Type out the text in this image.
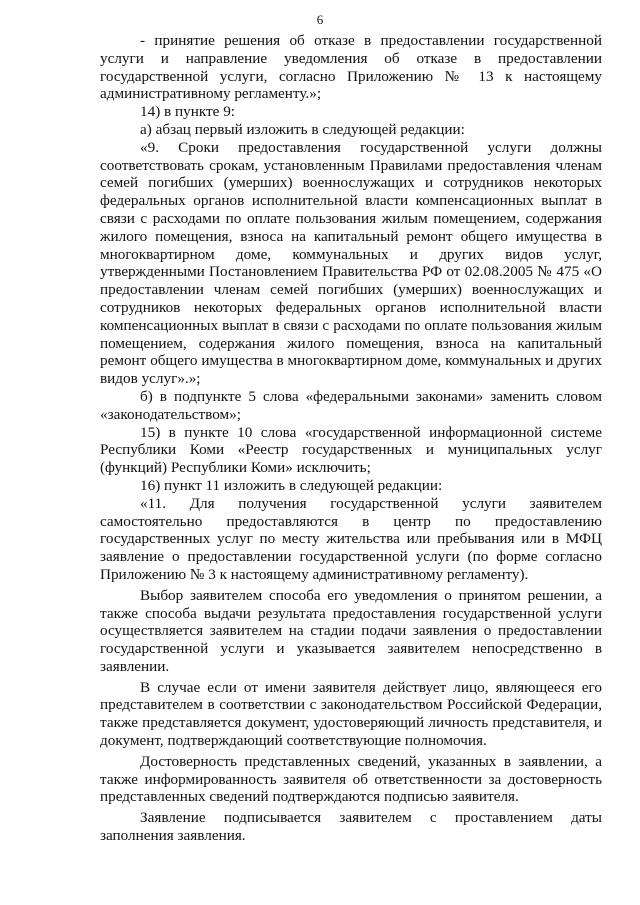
6

- принятие решения об отказе в предоставлении государственной услуги и направление уведомления об отказе в предоставлении государственной услуги, согласно Приложению № 13 к настоящему административному регламенту.»;

14) в пункте 9:

а) абзац первый изложить в следующей редакции:

«9. Сроки предоставления государственной услуги должны соответствовать срокам, установленным Правилами предоставления членам семей погибших (умерших) военнослужащих и сотрудников некоторых федеральных органов исполнительной власти компенсационных выплат в связи с расходами по оплате пользования жилым помещением, содержания жилого помещения, взноса на капитальный ремонт общего имущества в многоквартирном доме, коммунальных и других видов услуг, утвержденными Постановлением Правительства РФ от 02.08.2005 № 475 «О предоставлении членам семей погибших (умерших) военнослужащих и сотрудников некоторых федеральных органов исполнительной власти компенсационных выплат в связи с расходами по оплате пользования жилым помещением, содержания жилого помещения, взноса на капитальный ремонт общего имущества в многоквартирном доме, коммунальных и других видов услуг».»;

б) в подпункте 5 слова «федеральными законами» заменить словом «законодательством»;

15) в пункте 10 слова «государственной информационной системе Республики Коми «Реестр государственных и муниципальных услуг (функций) Республики Коми» исключить;

16) пункт 11 изложить в следующей редакции:

«11. Для получения государственной услуги заявителем самостоятельно предоставляются в центр по предоставлению государственных услуг по месту жительства или пребывания или в МФЦ заявление о предоставлении государственной услуги (по форме согласно Приложению № 3 к настоящему административному регламенту).

Выбор заявителем способа его уведомления о принятом решении, а также способа выдачи результата предоставления государственной услуги осуществляется заявителем на стадии подачи заявления о предоставлении государственной услуги и указывается заявителем непосредственно в заявлении.

В случае если от имени заявителя действует лицо, являющееся его представителем в соответствии с законодательством Российской Федерации, также представляется документ, удостоверяющий личность представителя, и документ, подтверждающий соответствующие полномочия.

Достоверность представленных сведений, указанных в заявлении, а также информированность заявителя об ответственности за достоверность представленных сведений подтверждаются подписью заявителя.

Заявление подписывается заявителем с проставлением даты заполнения заявления.
